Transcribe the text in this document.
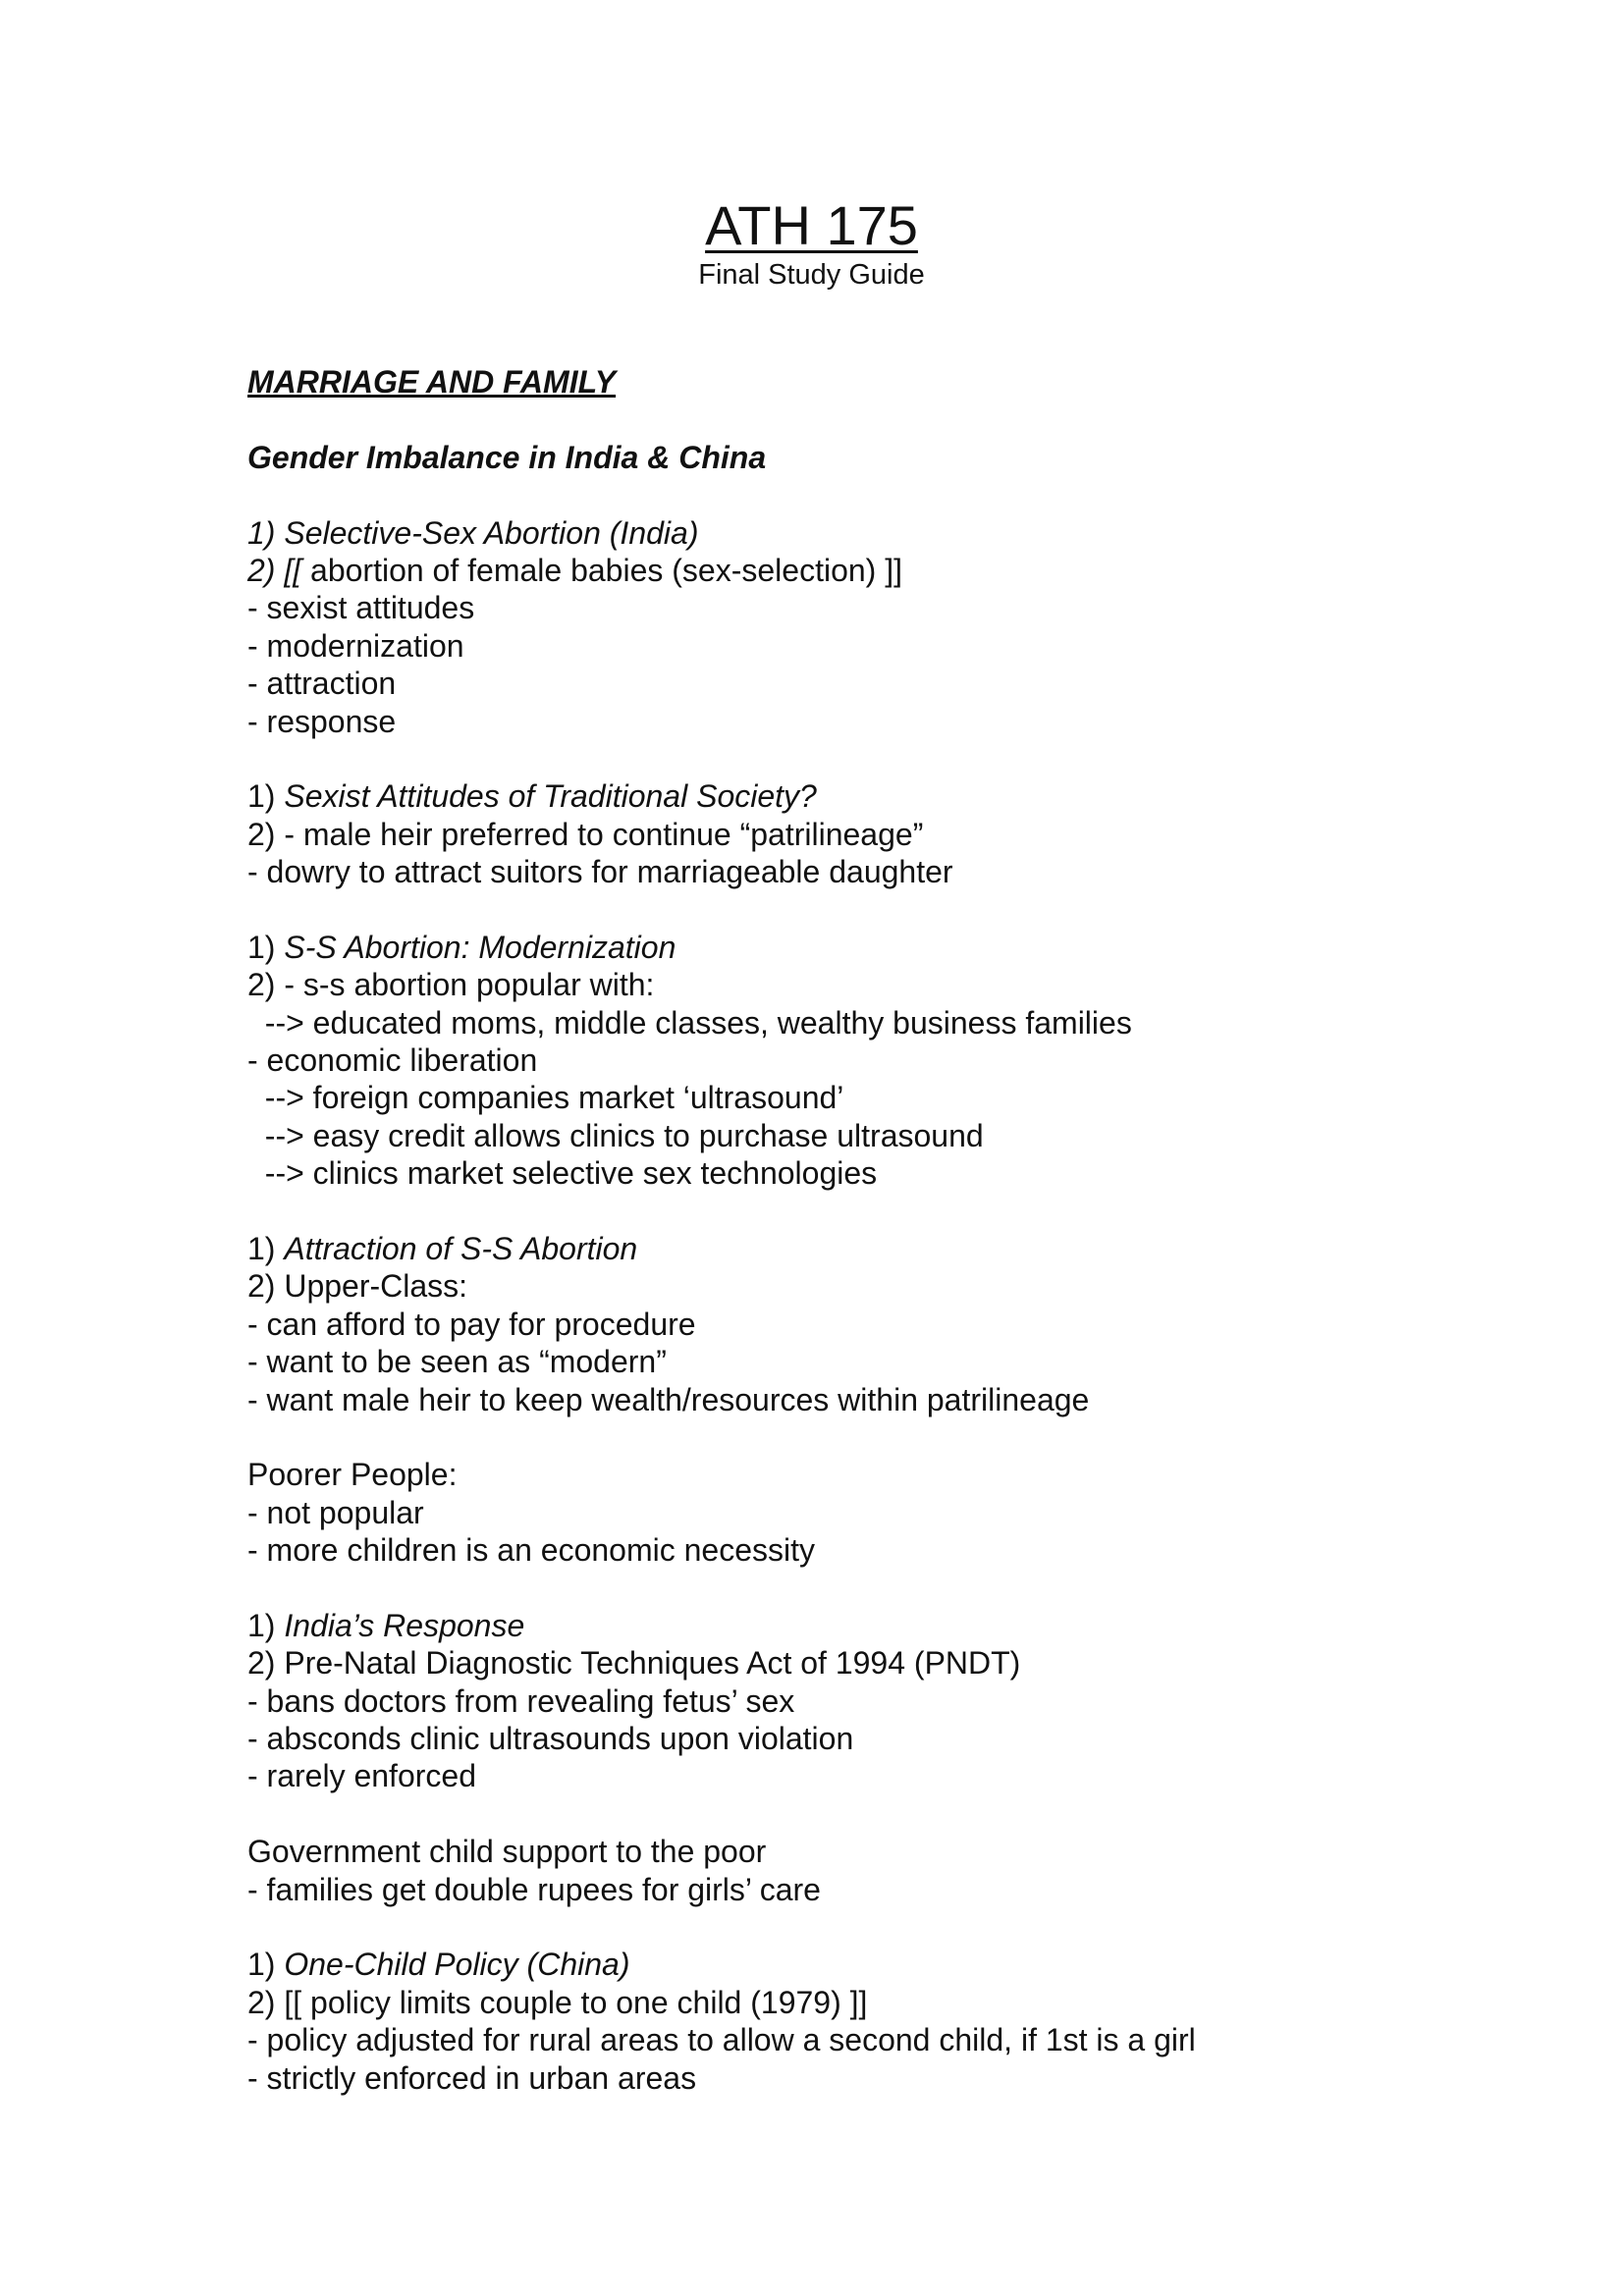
ATH 175
Final Study Guide
MARRIAGE AND FAMILY
Gender Imbalance in India & China
1) Selective-Sex Abortion (India)
2) [[ abortion of female babies (sex-selection) ]]
- sexist attitudes
- modernization
- attraction
- response
1) Sexist Attitudes of Traditional Society?
2) - male heir preferred to continue “patrilineage”
- dowry to attract suitors for marriageable daughter
1) S-S Abortion: Modernization
2) - s-s abortion popular with:
--> educated moms, middle classes, wealthy business families
- economic liberation
--> foreign companies market ‘ultrasound’
--> easy credit allows clinics to purchase ultrasound
--> clinics market selective sex technologies
1) Attraction of S-S Abortion
2) Upper-Class:
- can afford to pay for procedure
- want to be seen as “modern”
- want male heir to keep wealth/resources within patrilineage
Poorer People:
- not popular
- more children is an economic necessity
1) India’s Response
2) Pre-Natal Diagnostic Techniques Act of 1994 (PNDT)
- bans doctors from revealing fetus’ sex
- absconds clinic ultrasounds upon violation
- rarely enforced
Government child support to the poor
- families get double rupees for girls’ care
1) One-Child Policy (China)
2) [[ policy limits couple to one child (1979) ]]
- policy adjusted for rural areas to allow a second child, if 1st is a girl
- strictly enforced in urban areas
